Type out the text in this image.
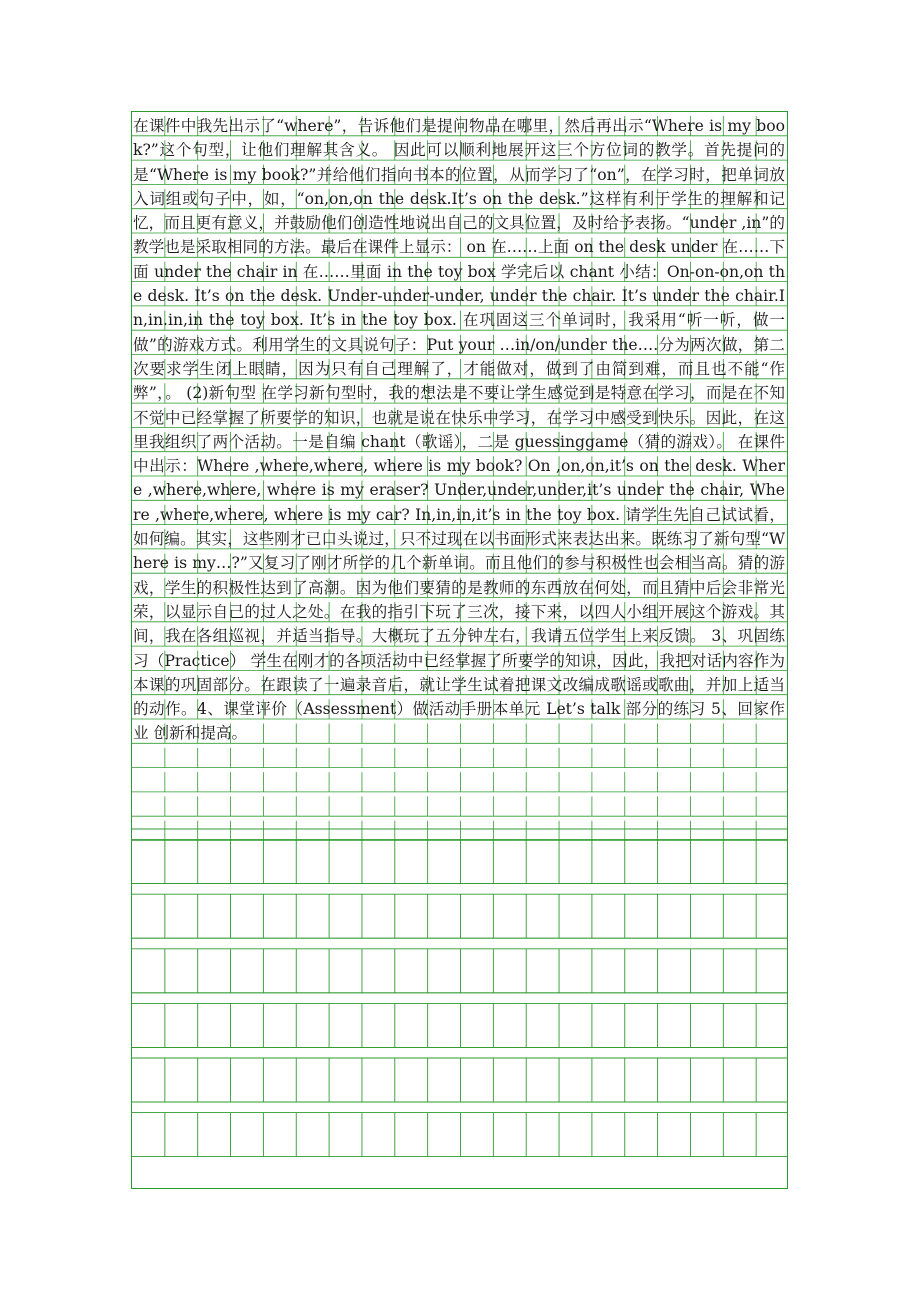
在课件中我先出示了“where”，告诉他们是提问物品在哪里，然后再出示“Where is my book?”这个句型，让他们理解其含义。 因此可以顺利地展开这三个方位词的教学。首先提问的是“Where is my book?”并给他们指向书本的位置，从而学习了“on”，在学习时，把单词放入词组或句子中，如，“on,on,on the desk.It’s on the desk.”这样有利于学生的理解和记忆，而且更有意义，并鼓励他们创造性地说出自己的文具位置，及时给予表扬。“under ,in”的教学也是采取相同的方法。最后在课件上显示： on 在……上面 on the desk under 在……下面 under the chair in 在……里面 in the toy box 学完后以 chant 小结：On-on-on,on the desk. It’s on the desk. Under-under-under, under the chair. It’s under the chair.In,in.in,in the toy box. It’s in the toy box. 在巩固这三个单词时，我采用“听一听，做一做”的游戏方式。利用学生的文具说句子：Put your …in/on/under the….分为两次做，第二次要求学生闭上眼睛，因为只有自己理解了，才能做对，做到了由简到难，而且也不能“作弊”，。 (2)新句型 在学习新句型时，我的想法是不要让学生感觉到是特意在学习，而是在不知不觉中已经掌握了所要学的知识，也就是说在快乐中学习，在学习中感受到快乐。因此，在这里我组织了两个活动。一是自编 chant（歌谣），二是 guessinggame（猜的游戏）。 在课件中出示：Where ,where,where, where is my book? On ,on,on,it’s on the desk. Where ,where,where, where is my eraser? Under,under,under,it’s under the chair, Where ,where,where, where is my car? In,in,in,it’s in the toy box. 请学生先自己试试看，如何编。其实，这些刚才已口头说过，只不过现在以书面形式来表达出来。既练习了新句型“Where is my…?”又复习了刚才所学的几个新单词。而且他们的参与积极性也会相当高。猜的游戏，学生的积极性达到了高潮。因为他们要猜的是教师的东西放在何处，而且猜中后会非常光荣，以显示自己的过人之处。在我的指引下玩了三次，接下来，以四人小组开展这个游戏。其间，我在各组巡视，并适当指导。大概玩了五分钟左右，我请五位学生上来反馈。 3、巩固练习（Practice） 学生在刚才的各项活动中已经掌握了所要学的知识，因此，我把对话内容作为本课的巩固部分。在跟读了一遍录音后，就让学生试着把课文改编成歌谣或歌曲，并加上适当的动作。4、课堂评价（Assessment）做活动手册本单元 Let’s talk 部分的练习 5、回家作业 创新和提高。
